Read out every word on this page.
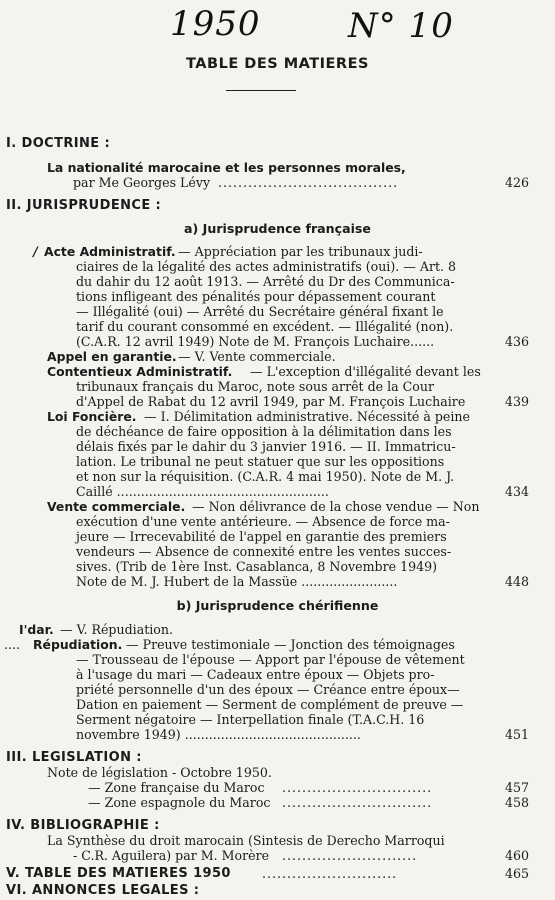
1950	N° 10
TABLE DES MATIERES
I. DOCTRINE :
La nationalité marocaine et les personnes morales,
par Me Georges Lévy ....................................	426
II. JURISPRUDENCE :
a) Jurisprudence française
/ Acte Administratif. — Appréciation par les tribunaux judi-
ciaires de la légalité des actes administratifs (oui). — Art. 8
du dahir du 12 août 1913. — Arrêté du Dr des Communica-
tions infligeant des pénalités pour dépassement courant
— Illégalité (oui) — Arrêté du Secrétaire général fixant le
tarif du courant consommé en excédent. — Illégalité (non).
(C.A.R. 12 avril 1949) Note de M. François Luchaire......	436
Appel en garantie. — V. Vente commerciale.
Contentieux Administratif. — L'exception d'illégalité devant les
tribunaux français du Maroc, note sous arrêt de la Cour
d'Appel de Rabat du 12 avril 1949, par M. François Luchaire	439
Loi Foncière. — I. Délimitation administrative. Nécessité à peine
de déchéance de faire opposition à la délimitation dans les
délais fixés par le dahir du 3 janvier 1916. — II. Immatricu-
lation. Le tribunal ne peut statuer que sur les oppositions
et non sur la réquisition. (C.A.R. 4 mai 1950). Note de M. J.
Caillé .....................................................	434
Vente commerciale. — Non délivrance de la chose vendue — Non
exécution d'une vente antérieure. — Absence de force ma-
jeure — Irrecevabilité de l'appel en garantie des premiers
vendeurs — Absence de connexité entre les ventes succes-
sives. (Trib de 1ère Inst. Casablanca, 8 Novembre 1949)
Note de M. J. Hubert de la Massüe ........................	448
b) Jurisprudence chérifienne
I'dar. — V. Répudiation.
.... Répudiation. — Preuve testimoniale — Jonction des témoignages
— Trousseau de l'épouse — Apport par l'épouse de vêtement
à l'usage du mari — Cadeaux entre époux — Objets pro-
priété personnelle d'un des époux — Créance entre époux—
Dation en paiement — Serment de complément de preuve —
Serment négatoire — Interpellation finale (T.A.C.H. 16
novembre 1949) ............................................	451
III. LEGISLATION :
Note de législation - Octobre 1950.
— Zone française du Maroc ..............................	457
— Zone espagnole du Maroc ..............................	458
IV. BIBLIOGRAPHIE :
La Synthèse du droit marocain (Sintesis de Derecho Marroqui
- C.R. Aguilera) par M. Morère ...........................	460
V. TABLE DES MATIERES 1950 ...........................	465
VI. ANNONCES LEGALES :
